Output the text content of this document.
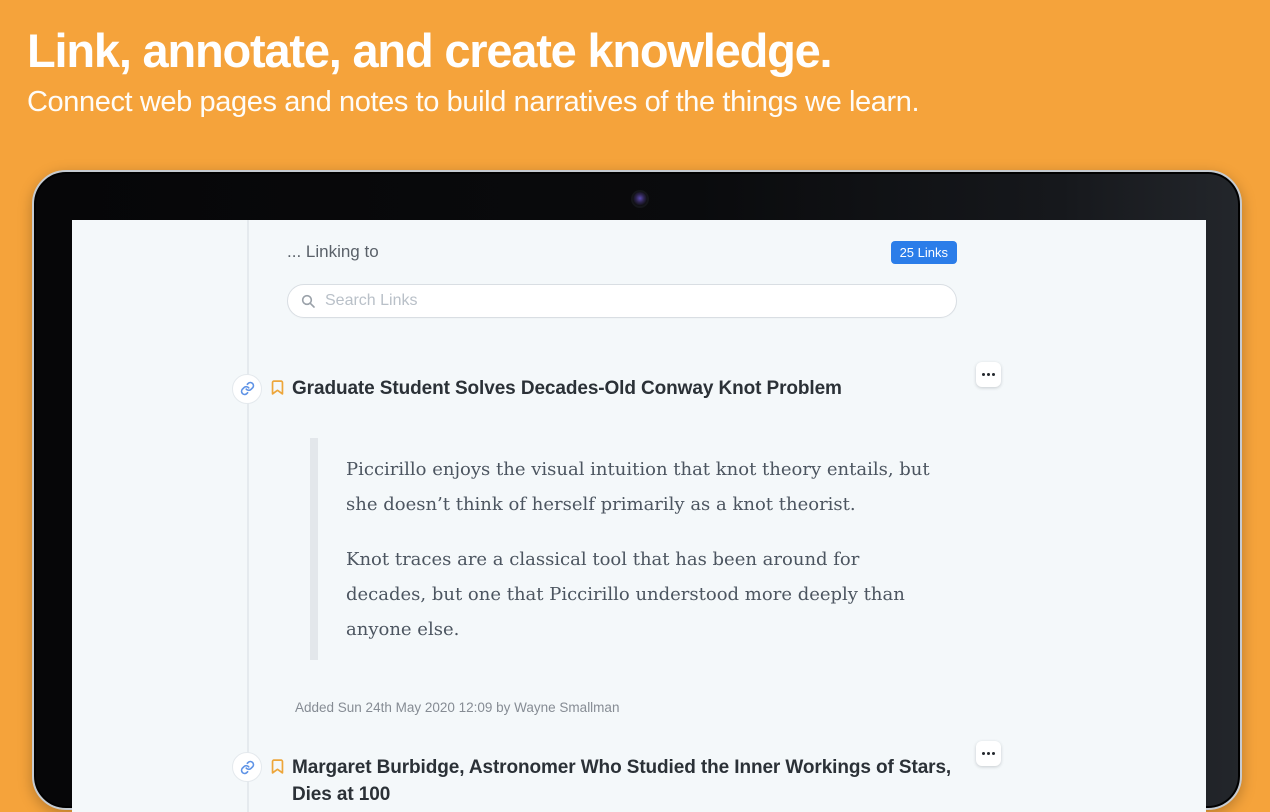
Link, annotate, and create knowledge.

Connect web pages and notes to build narratives of the things we learn.

... Linking to	25 Links
Search Links
Graduate Student Solves Decades-Old Conway Knot Problem

Piccirillo enjoys the visual intuition that knot theory entails, but she doesn’t think of herself primarily as a knot theorist.

Knot traces are a classical tool that has been around for decades, but one that Piccirillo understood more deeply than anyone else.

Added Sun 24th May 2020 12:09 by Wayne Smallman
Margaret Burbidge, Astronomer Who Studied the Inner Workings of Stars, Dies at 100
